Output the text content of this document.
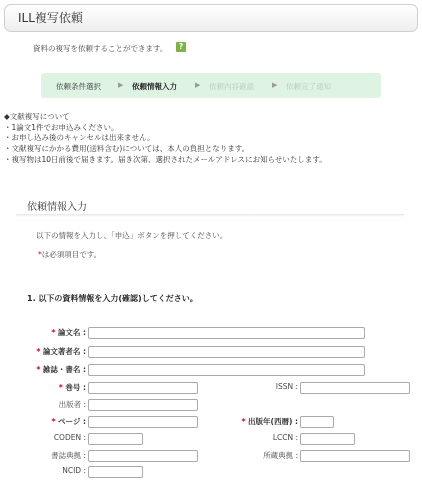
ILL複写依頼
資料の複写を依頼することができます。	?
依頼条件選択 ▶ 依頼情報入力	▶ 依頼内容確認	▶ 依頼完了通知
◆文献複写について
・1論文1件でお申込みください。
・お申し込み後のキャンセルは出来ません。
・文献複写にかかる費用(送料含む)については、本人の負担となります。
・複写物は10日前後で届きます。届き次第、選択されたメールアドレスにお知らせいたします。
依頼情報入力
以下の情報を入力し、「申込」ボタンを押してください。
*は必須項目です。
1. 以下の資料情報を入力(確認)してください。
* 論文名 :
* 論文著者名 :
* 雑誌・書名 :
* 巻号 :	ISSN :
出版者 :
* ページ :	* 出版年(西暦) :
CODEN :	LCCN :
書誌典拠 :	所蔵典拠 :
NCID :
